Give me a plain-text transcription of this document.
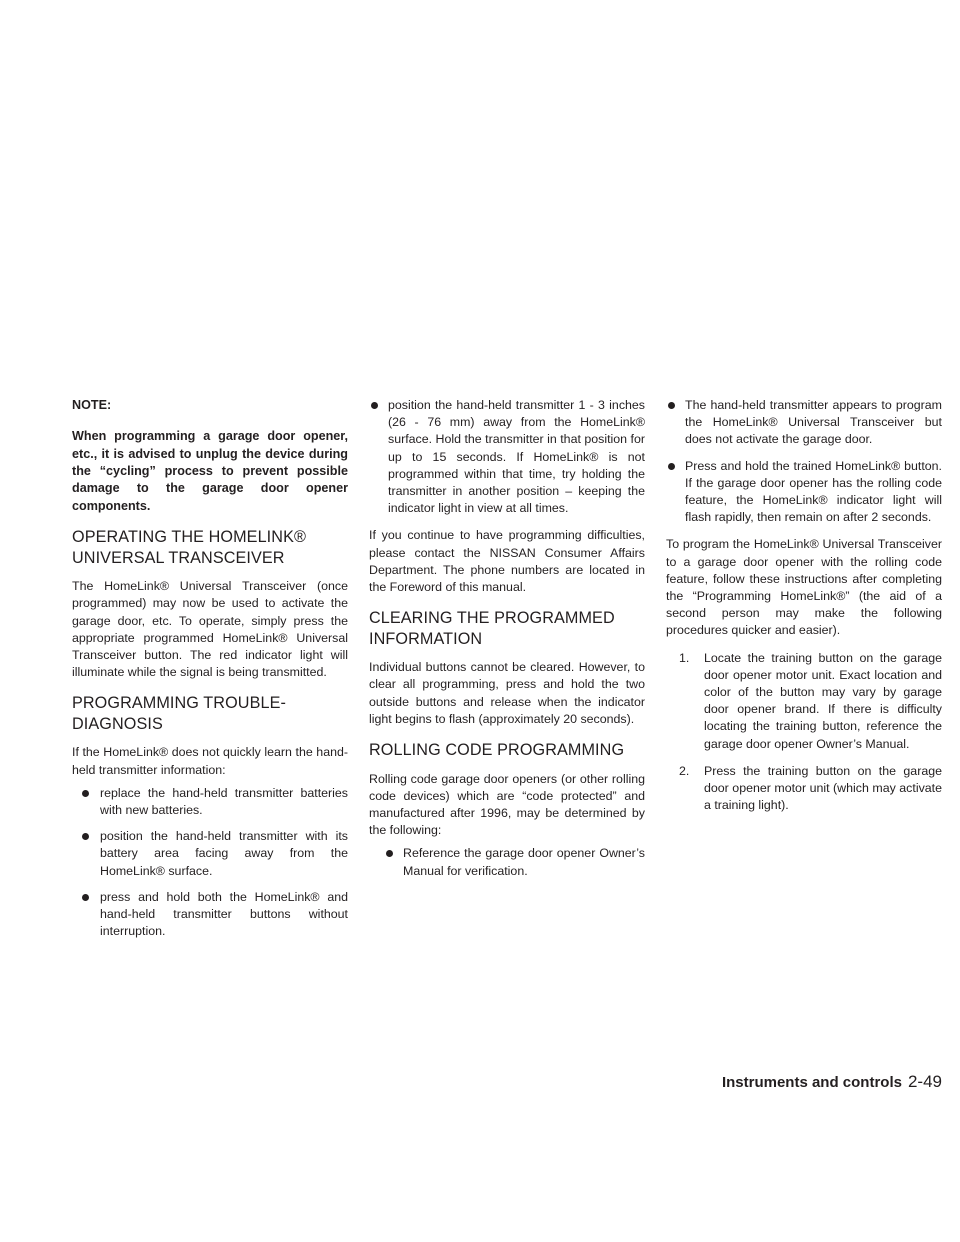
NOTE:

When programming a garage door opener, etc., it is advised to unplug the device during the “cycling” process to prevent possible damage to the garage door opener components.

OPERATING THE HOMELINK®
UNIVERSAL TRANSCEIVER

The HomeLink® Universal Transceiver (once programmed) may now be used to activate the garage door, etc. To operate, simply press the appropriate programmed HomeLink® Universal Transceiver button. The red indicator light will illuminate while the signal is being transmitted.

PROGRAMMING TROUBLE-
DIAGNOSIS

If the HomeLink® does not quickly learn the hand-held transmitter information:

replace the hand-held transmitter batteries with new batteries.
position the hand-held transmitter with its battery area facing away from the HomeLink® surface.
press and hold both the HomeLink® and hand-held transmitter buttons without interruption.
position the hand-held transmitter 1 - 3 inches (26 - 76 mm) away from the HomeLink® surface. Hold the transmitter in that position for up to 15 seconds. If HomeLink® is not programmed within that time, try holding the transmitter in another position – keeping the indicator light in view at all times.

If you continue to have programming difficulties, please contact the NISSAN Consumer Affairs Department. The phone numbers are located in the Foreword of this manual.

CLEARING THE PROGRAMMED
INFORMATION

Individual buttons cannot be cleared. However, to clear all programming, press and hold the two outside buttons and release when the indicator light begins to flash (approximately 20 seconds).

ROLLING CODE PROGRAMMING

Rolling code garage door openers (or other rolling code devices) which are “code protected” and manufactured after 1996, may be determined by the following:

Reference the garage door opener Owner’s Manual for verification.
The hand-held transmitter appears to program the HomeLink® Universal Transceiver but does not activate the garage door.
Press and hold the trained HomeLink® button. If the garage door opener has the rolling code feature, the HomeLink® indicator light will flash rapidly, then remain on after 2 seconds.

To program the HomeLink® Universal Transceiver to a garage door opener with the rolling code feature, follow these instructions after completing the “Programming HomeLink®” (the aid of a second person may make the following procedures quicker and easier).

1. Locate the training button on the garage door opener motor unit. Exact location and color of the button may vary by garage door opener brand. If there is difficulty locating the training button, reference the garage door opener Owner’s Manual.
2. Press the training button on the garage door opener motor unit (which may activate a training light).
Instruments and controls 2-49
